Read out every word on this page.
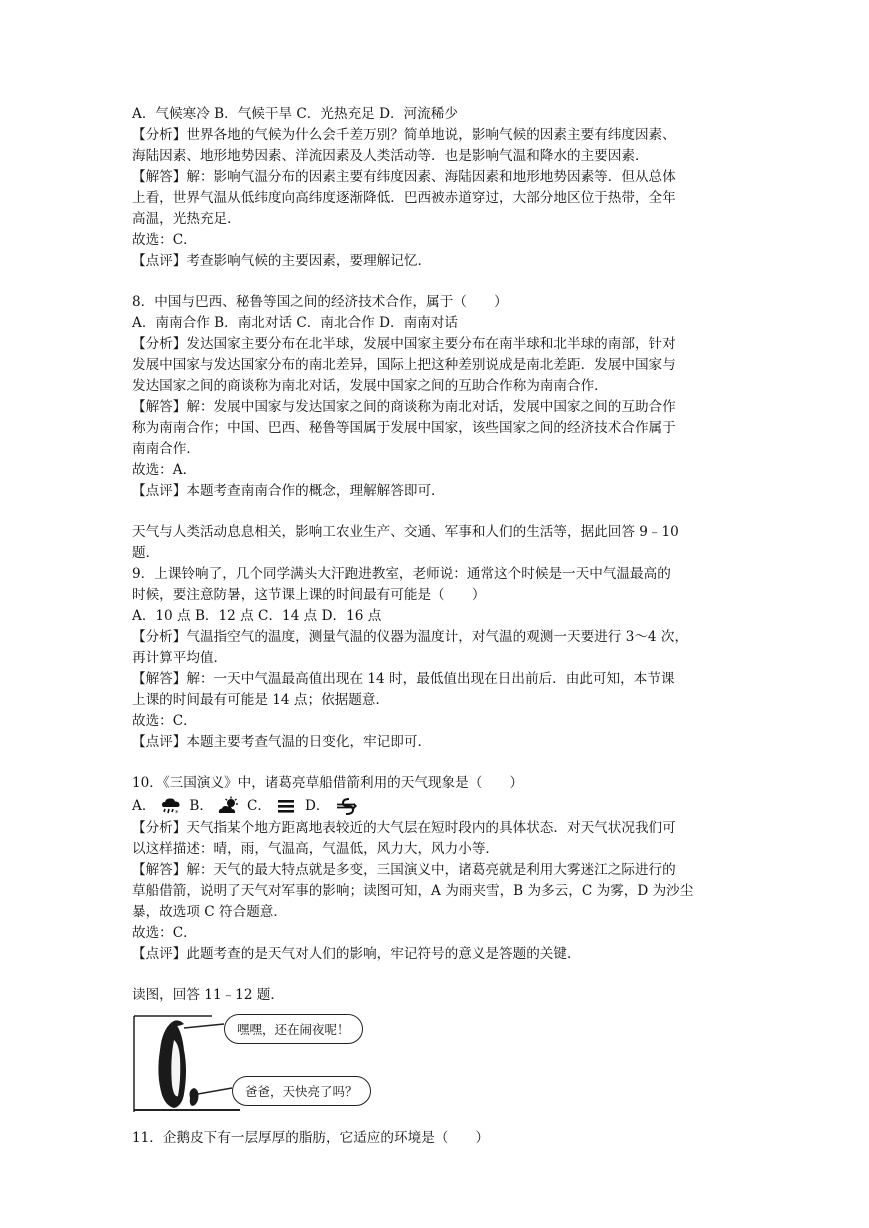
A．气候寒冷 B．气候干旱 C．光热充足 D．河流稀少
【分析】世界各地的气候为什么会千差万别？简单地说，影响气候的因素主要有纬度因素、
海陆因素、地形地势因素、洋流因素及人类活动等．也是影响气温和降水的主要因素．
【解答】解：影响气温分布的因素主要有纬度因素、海陆因素和地形地势因素等．但从总体
上看，世界气温从低纬度向高纬度逐渐降低．巴西被赤道穿过，大部分地区位于热带，全年
高温，光热充足．
故选：C．
【点评】考查影响气候的主要因素，要理解记忆．
8．中国与巴西、秘鲁等国之间的经济技术合作，属于（　　）
A．南南合作 B．南北对话 C．南北合作 D．南南对话
【分析】发达国家主要分布在北半球，发展中国家主要分布在南半球和北半球的南部，针对
发展中国家与发达国家分布的南北差异，国际上把这种差别说成是南北差距．发展中国家与
发达国家之间的商谈称为南北对话，发展中国家之间的互助合作称为南南合作．
【解答】解：发展中国家与发达国家之间的商谈称为南北对话，发展中国家之间的互助合作
称为南南合作；中国、巴西、秘鲁等国属于发展中国家，该些国家之间的经济技术合作属于
南南合作．
故选：A．
【点评】本题考查南南合作的概念，理解解答即可．
天气与人类活动息息相关，影响工农业生产、交通、军事和人们的生活等，据此回答 9﹣10
题．
9．上课铃响了，几个同学满头大汗跑进教室，老师说：通常这个时候是一天中气温最高的
时候，要注意防暑，这节课上课的时间最有可能是（　　）
A．10 点 B．12 点 C．14 点 D．16 点
【分析】气温指空气的温度，测量气温的仪器为温度计，对气温的观测一天要进行 3～4 次，
再计算平均值．
【解答】解：一天中气温最高值出现在 14 时，最低值出现在日出前后．由此可知，本节课
上课的时间最有可能是 14 点；依据题意．
故选：C．
【点评】本题主要考查气温的日变化，牢记即可．
10．《三国演义》中，诸葛亮草船借箭利用的天气现象是（　　）
A．	* B．	C．	D．
【分析】天气指某个地方距离地表较近的大气层在短时段内的具体状态．对天气状况我们可
以这样描述：晴，雨，气温高，气温低，风力大，风力小等．
【解答】解：天气的最大特点就是多变，三国演义中，诸葛亮就是利用大雾迷江之际进行的
草船借箭，说明了天气对军事的影响；读图可知，A 为雨夹雪，B 为多云，C 为雾，D 为沙尘
暴，故选项 C 符合题意．
故选：C．
【点评】此题考查的是天气对人们的影响，牢记符号的意义是答题的关键．
读图，回答 11﹣12 题．
嘿嘿，还在闹夜呢！
爸爸，天快亮了吗？
11．企鹅皮下有一层厚厚的脂肪，它适应的环境是（　　）
